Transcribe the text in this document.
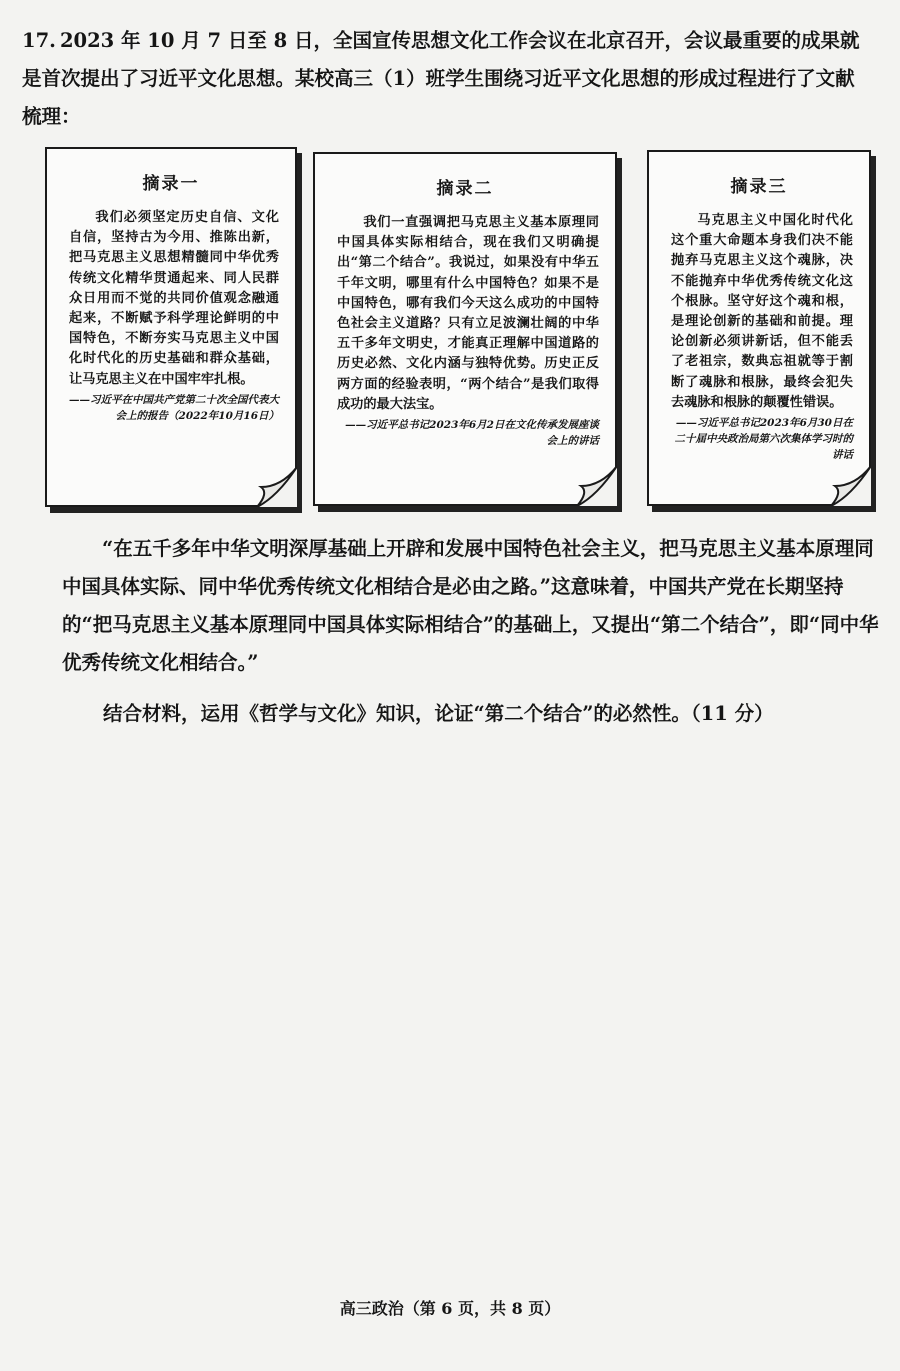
17. 2023 年 10 月 7 日至 8 日，全国宣传思想文化工作会议在北京召开，会议最重要的成果就是首次提出了习近平文化思想。某校高三（1）班学生围绕习近平文化思想的形成过程进行了文献梳理：
摘录一
我们必须坚定历史自信、文化自信，坚持古为今用、推陈出新，把马克思主义思想精髓同中华优秀传统文化精华贯通起来、同人民群众日用而不觉的共同价值观念融通起来，不断赋予科学理论鲜明的中国特色，不断夯实马克思主义中国化时代化的历史基础和群众基础，让马克思主义在中国牢牢扎根。
——习近平在中国共产党第二十次全国代表大会上的报告（2022年10月16日）
摘录二
我们一直强调把马克思主义基本原理同中国具体实际相结合，现在我们又明确提出“第二个结合”。我说过，如果没有中华五千年文明，哪里有什么中国特色？如果不是中国特色，哪有我们今天这么成功的中国特色社会主义道路？只有立足波澜壮阔的中华五千多年文明史，才能真正理解中国道路的历史必然、文化内涵与独特优势。历史正反两方面的经验表明，“两个结合”是我们取得成功的最大法宝。
——习近平总书记2023年6月2日在文化传承发展座谈会上的讲话
摘录三
马克思主义中国化时代化这个重大命题本身我们决不能抛弃马克思主义这个魂脉，决不能抛弃中华优秀传统文化这个根脉。坚守好这个魂和根，是理论创新的基础和前提。理论创新必须讲新话，但不能丢了老祖宗，数典忘祖就等于割断了魂脉和根脉，最终会犯失去魂脉和根脉的颠覆性错误。
——习近平总书记2023年6月30日在二十届中央政治局第六次集体学习时的讲话
“在五千多年中华文明深厚基础上开辟和发展中国特色社会主义，把马克思主义基本原理同中国具体实际、同中华优秀传统文化相结合是必由之路。”这意味着，中国共产党在长期坚持的“把马克思主义基本原理同中国具体实际相结合”的基础上，又提出“第二个结合”，即“同中华优秀传统文化相结合。”
结合材料，运用《哲学与文化》知识，论证“第二个结合”的必然性。（11 分）
高三政治（第 6 页，共 8 页）
